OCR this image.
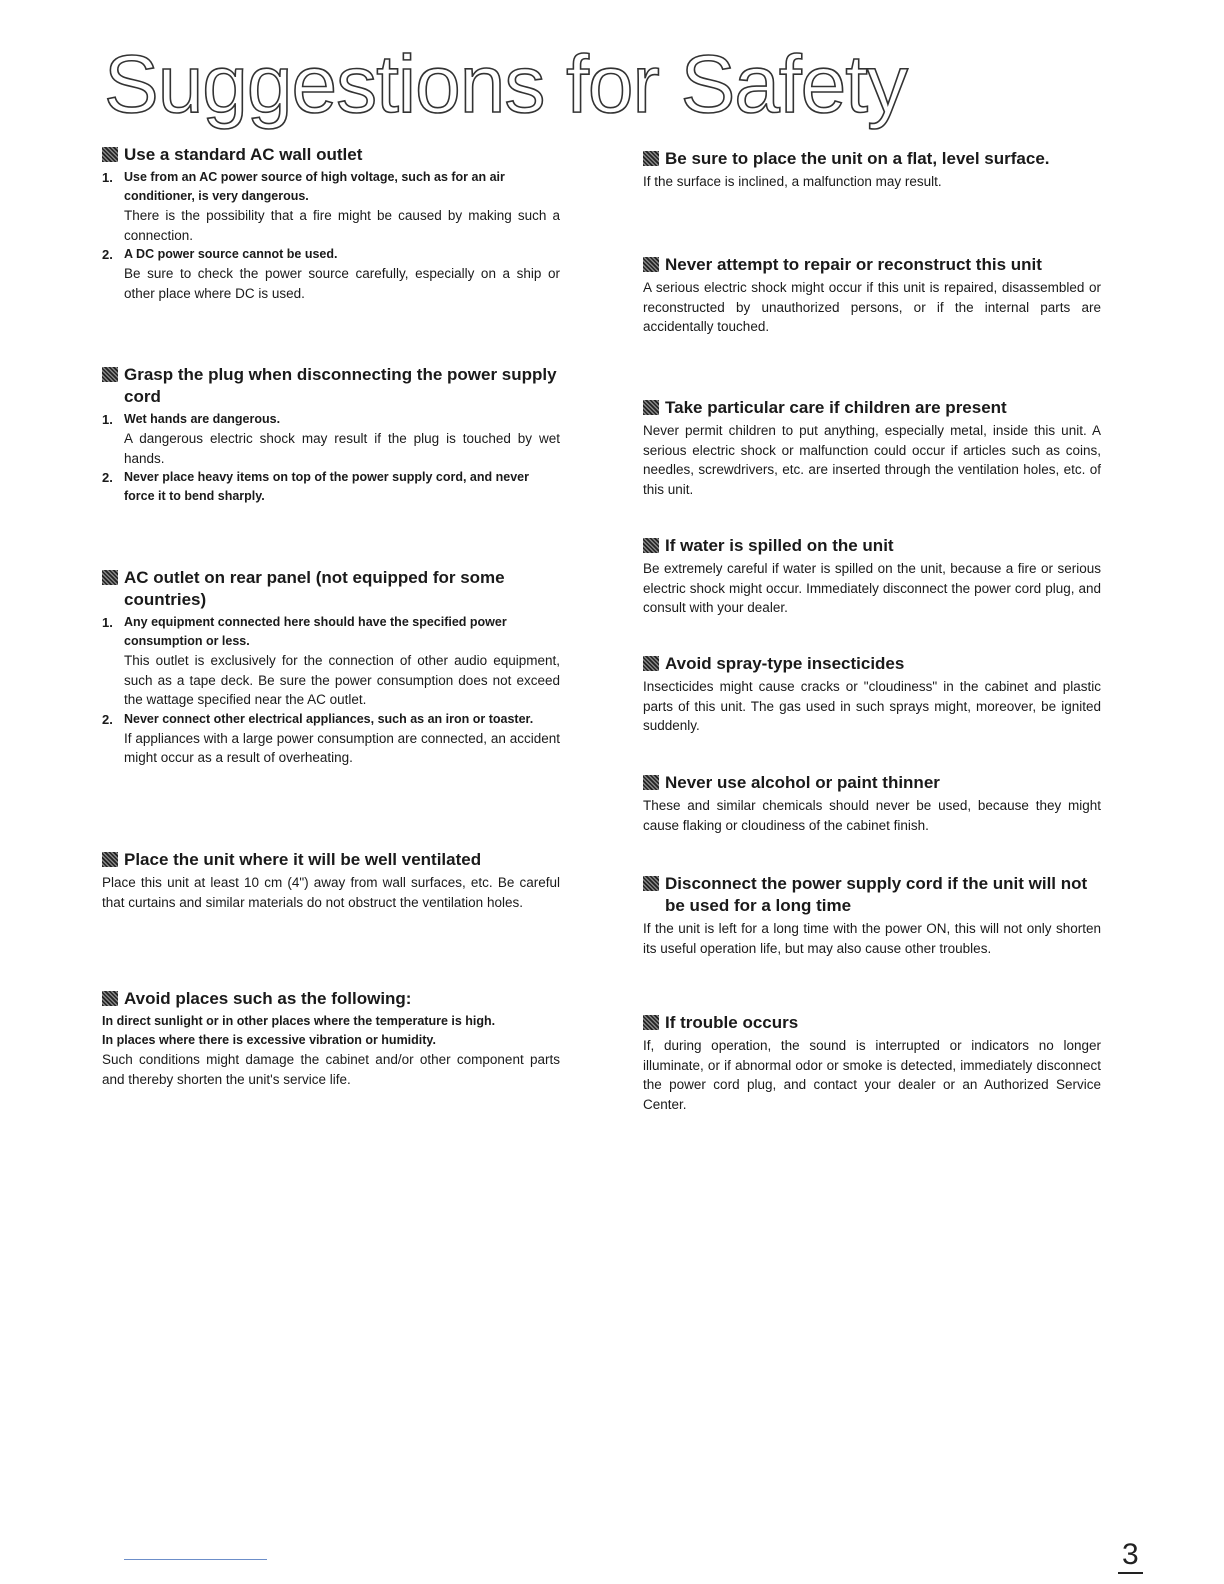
Suggestions for Safety

Use a standard AC wall outlet

1. Use from an AC power source of high voltage, such as for an air conditioner, is very dangerous.

There is the possibility that a fire might be caused by making such a connection.

2. A DC power source cannot be used.

Be sure to check the power source carefully, especially on a ship or other place where DC is used.

Grasp the plug when disconnecting the power supply cord

1. Wet hands are dangerous.

A dangerous electric shock may result if the plug is touched by wet hands.

2. Never place heavy items on top of the power supply cord, and never force it to bend sharply.

AC outlet on rear panel (not equipped for some countries)

1. Any equipment connected here should have the specified power consumption or less.

This outlet is exclusively for the connection of other audio equipment, such as a tape deck. Be sure the power consumption does not exceed the wattage specified near the AC outlet.

2. Never connect other electrical appliances, such as an iron or toaster.

If appliances with a large power consumption are connected, an accident might occur as a result of overheating.

Place the unit where it will be well ventilated

Place this unit at least 10 cm (4") away from wall surfaces, etc. Be careful that curtains and similar materials do not obstruct the ventilation holes.

Avoid places such as the following:

In direct sunlight or in other places where the temperature is high.

In places where there is excessive vibration or humidity.

Such conditions might damage the cabinet and/or other component parts and thereby shorten the unit's service life.

Be sure to place the unit on a flat, level surface.

If the surface is inclined, a malfunction may result.

Never attempt to repair or reconstruct this unit

A serious electric shock might occur if this unit is repaired, disassembled or reconstructed by unauthorized persons, or if the internal parts are accidentally touched.

Take particular care if children are present

Never permit children to put anything, especially metal, inside this unit. A serious electric shock or malfunction could occur if articles such as coins, needles, screwdrivers, etc. are inserted through the ventilation holes, etc. of this unit.

If water is spilled on the unit

Be extremely careful if water is spilled on the unit, because a fire or serious electric shock might occur. Immediately disconnect the power cord plug, and consult with your dealer.

Avoid spray-type insecticides

Insecticides might cause cracks or "cloudiness" in the cabinet and plastic parts of this unit. The gas used in such sprays might, moreover, be ignited suddenly.

Never use alcohol or paint thinner

These and similar chemicals should never be used, because they might cause flaking or cloudiness of the cabinet finish.

Disconnect the power supply cord if the unit will not be used for a long time

If the unit is left for a long time with the power ON, this will not only shorten its useful operation life, but may also cause other troubles.

If trouble occurs

If, during operation, the sound is interrupted or indicators no longer illuminate, or if abnormal odor or smoke is detected, immediately disconnect the power cord plug, and contact your dealer or an Authorized Service Center.

3
